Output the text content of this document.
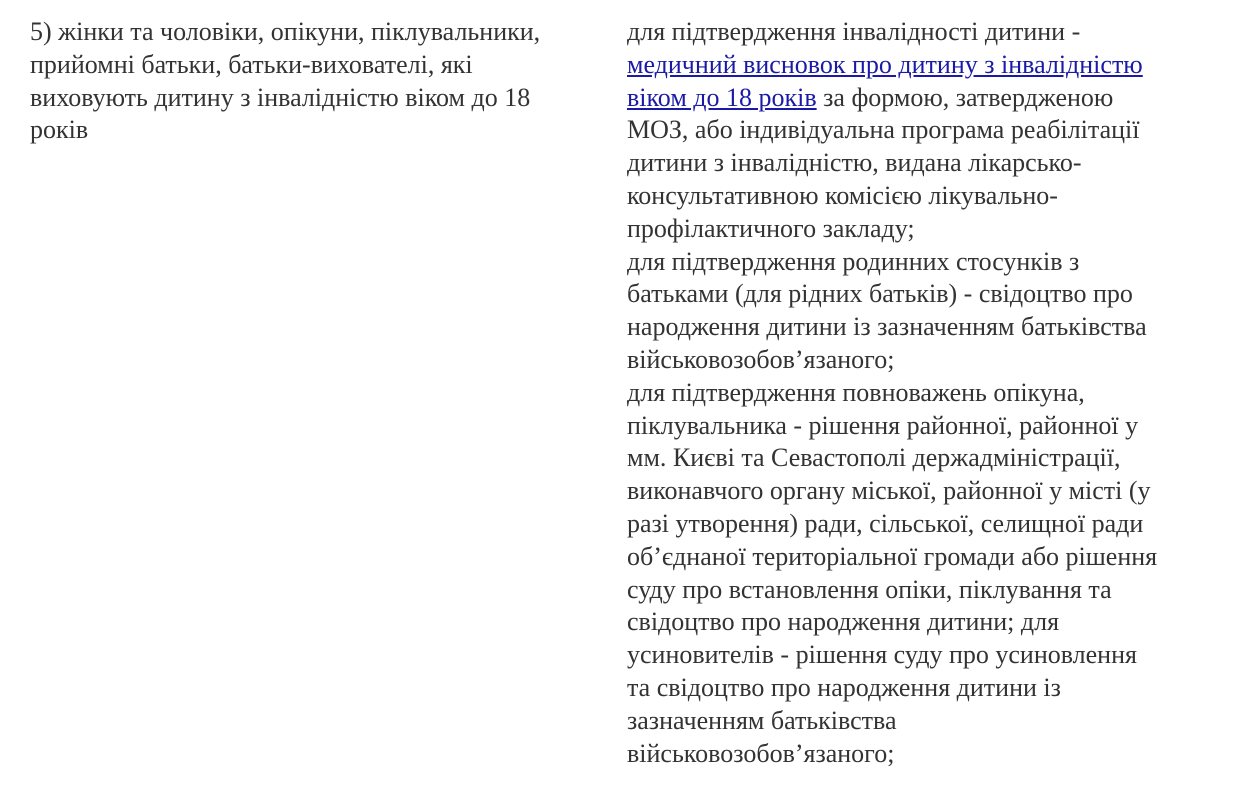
5) жінки та чоловіки, опікуни, піклувальники,
прийомні батьки, батьки-вихователі, які
виховують дитину з інвалідністю віком до 18
років
для підтвердження інвалідності дитини -
медичний висновок про дитину з інвалідністю
віком до 18 років за формою, затвердженою
МОЗ, або індивідуальна програма реабілітації
дитини з інвалідністю, видана лікарсько-
консультативною комісією лікувально-
профілактичного закладу;
для підтвердження родинних стосунків з
батьками (для рідних батьків) - свідоцтво про
народження дитини із зазначенням батьківства
військовозобов’язаного;
для підтвердження повноважень опікуна,
піклувальника - рішення районної, районної у
мм. Києві та Севастополі держадміністрації,
виконавчого органу міської, районної у місті (у
разі утворення) ради, сільської, селищної ради
об’єднаної територіальної громади або рішення
суду про встановлення опіки, піклування та
свідоцтво про народження дитини; для
усиновителів - рішення суду про усиновлення
та свідоцтво про народження дитини із
зазначенням батьківства
військовозобов’язаного;
